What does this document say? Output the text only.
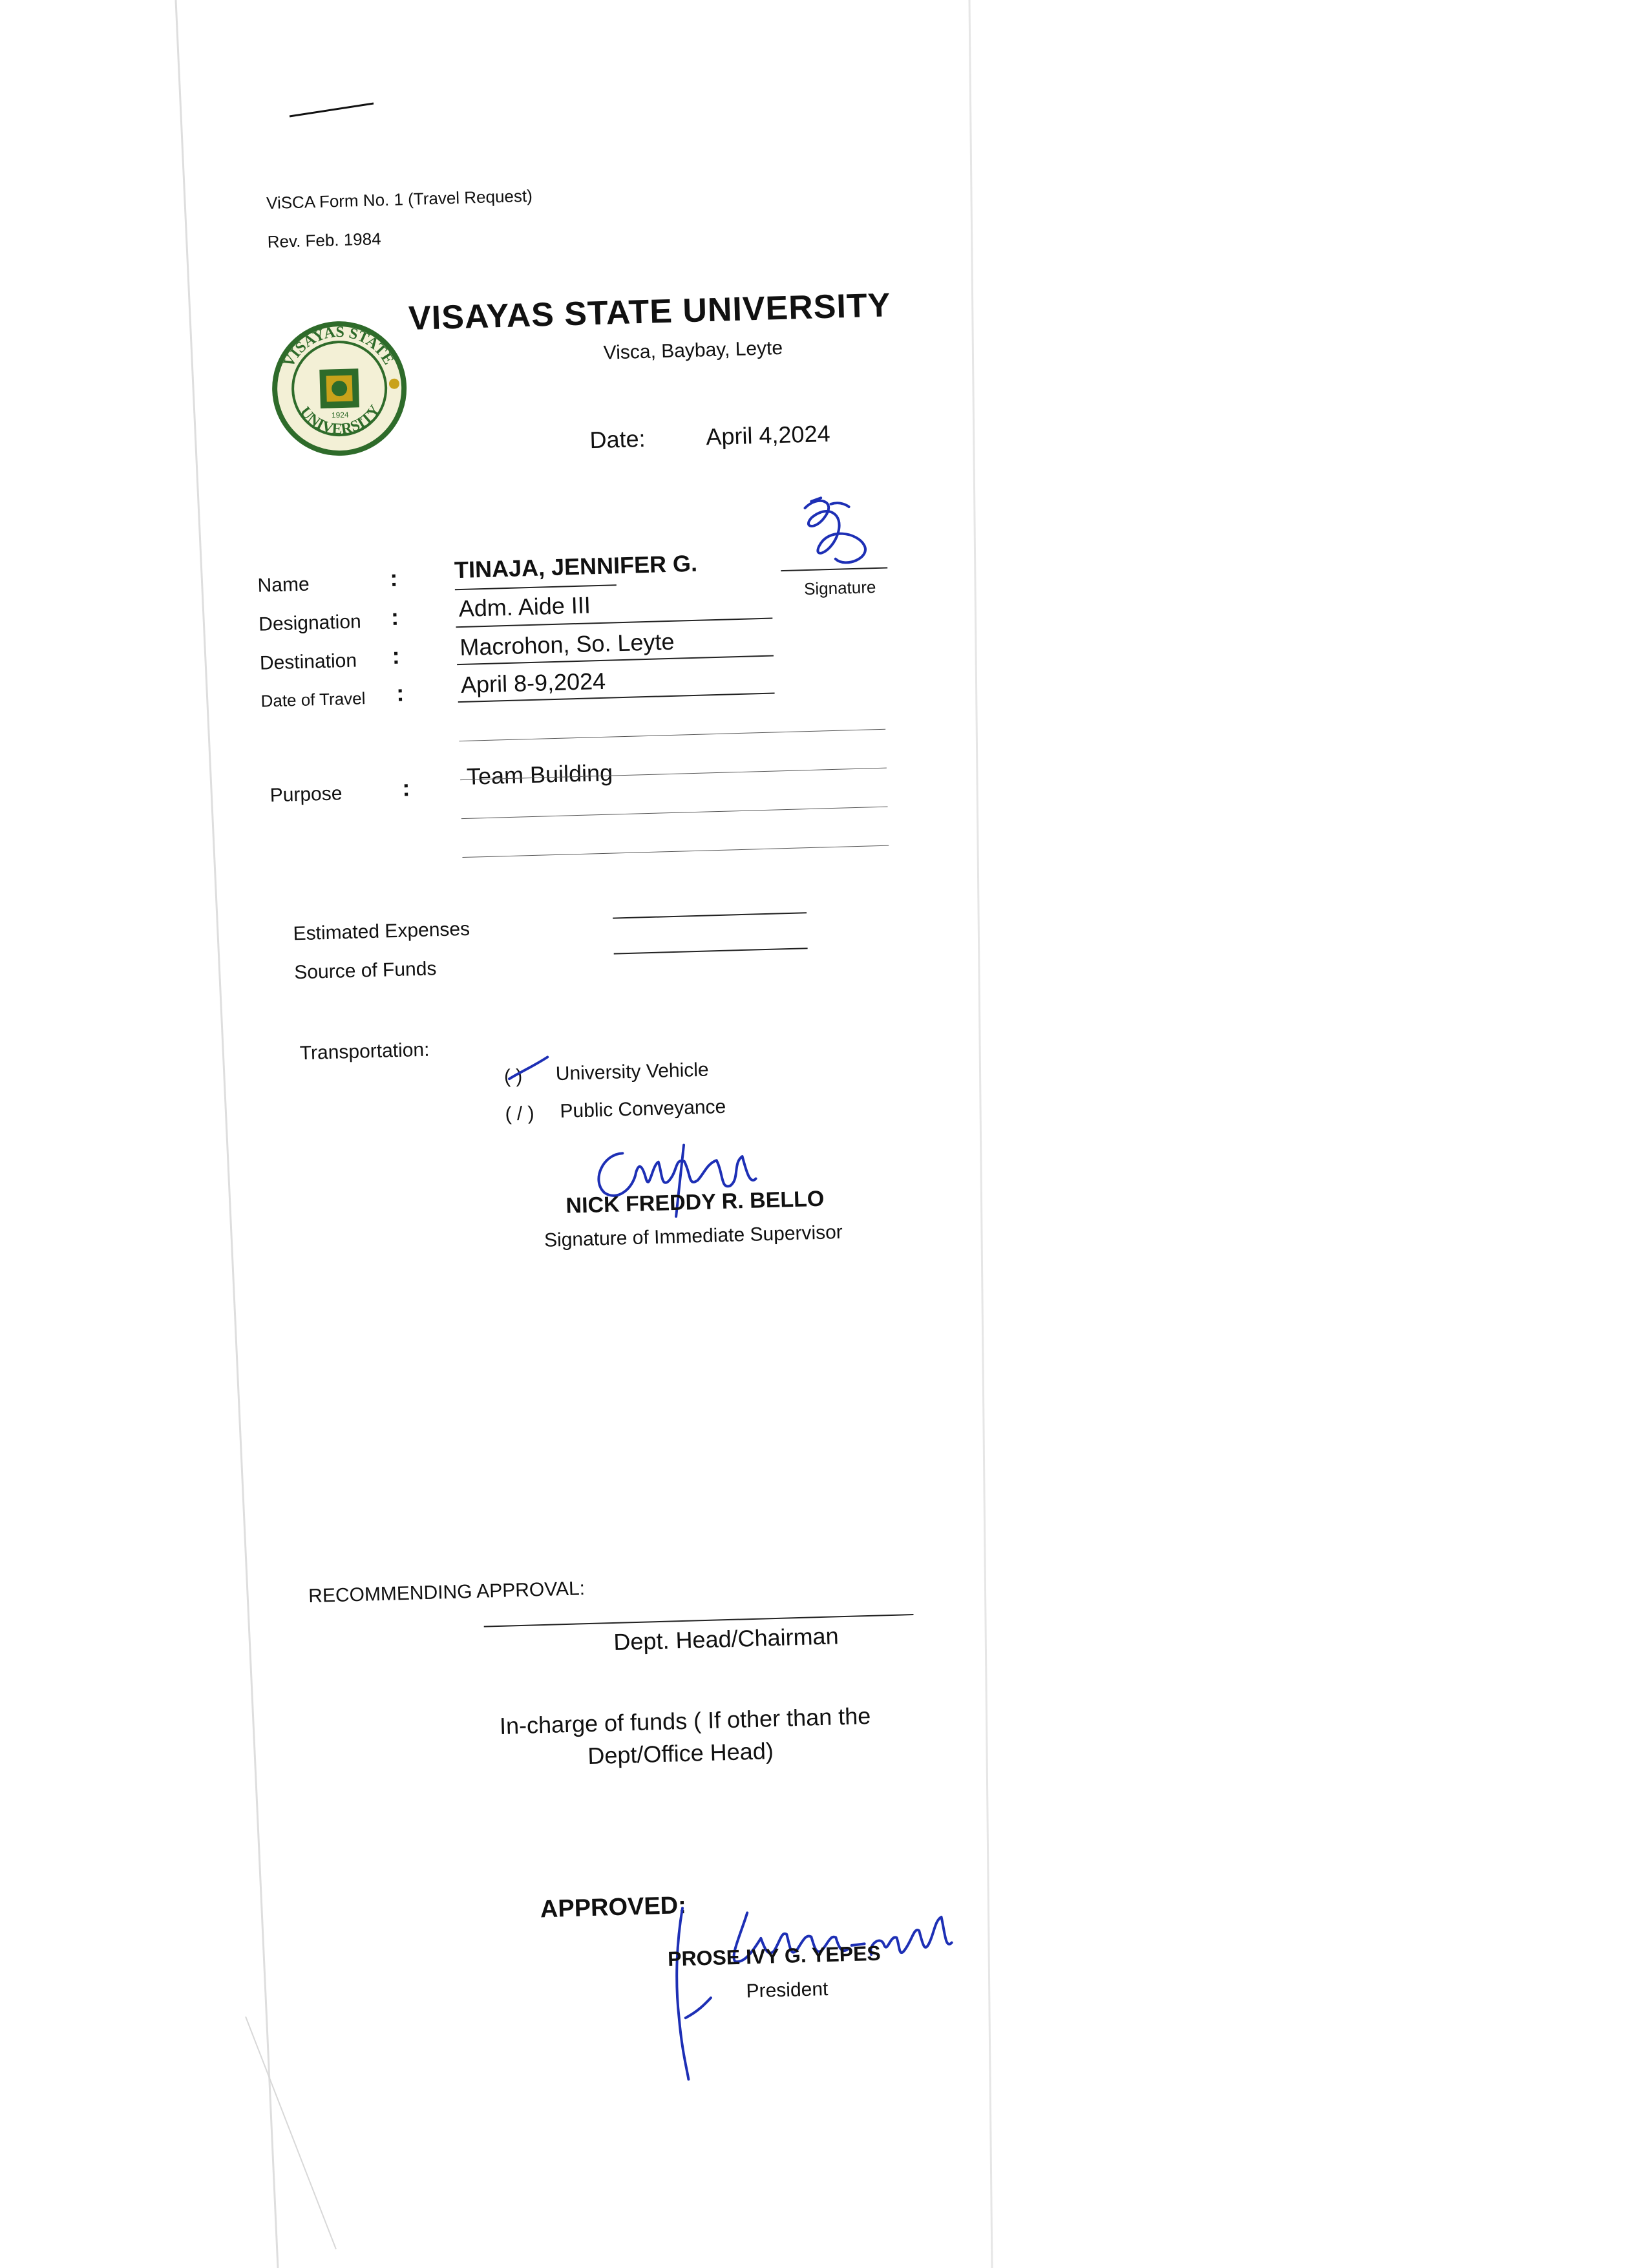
ViSCA Form No. 1 (Travel Request)
Rev. Feb. 1984
VISAYAS STATE
UNIVERSITY
1924
VISAYAS STATE UNIVERSITY
Visca, Baybay, Leyte
Date:	April 4,2024
Name	: TINAJA, JENNIFER G.
Signature
Designation :	Adm. Aide III
Destination :	Macrohon, So. Leyte
Date of Travel : April 8-9,2024
Purpose	: Team Building
Estimated Expenses
Source of Funds
Transportation:
( ) University Vehicle
( / ) Public Conveyance
NICK FREDDY R. BELLO
Signature of Immediate Supervisor
RECOMMENDING APPROVAL:
Dept. Head/Chairman
In-charge of funds ( If other than the
Dept/Office Head)
APPROVED:
PROSE IVY G. YEPES
President
